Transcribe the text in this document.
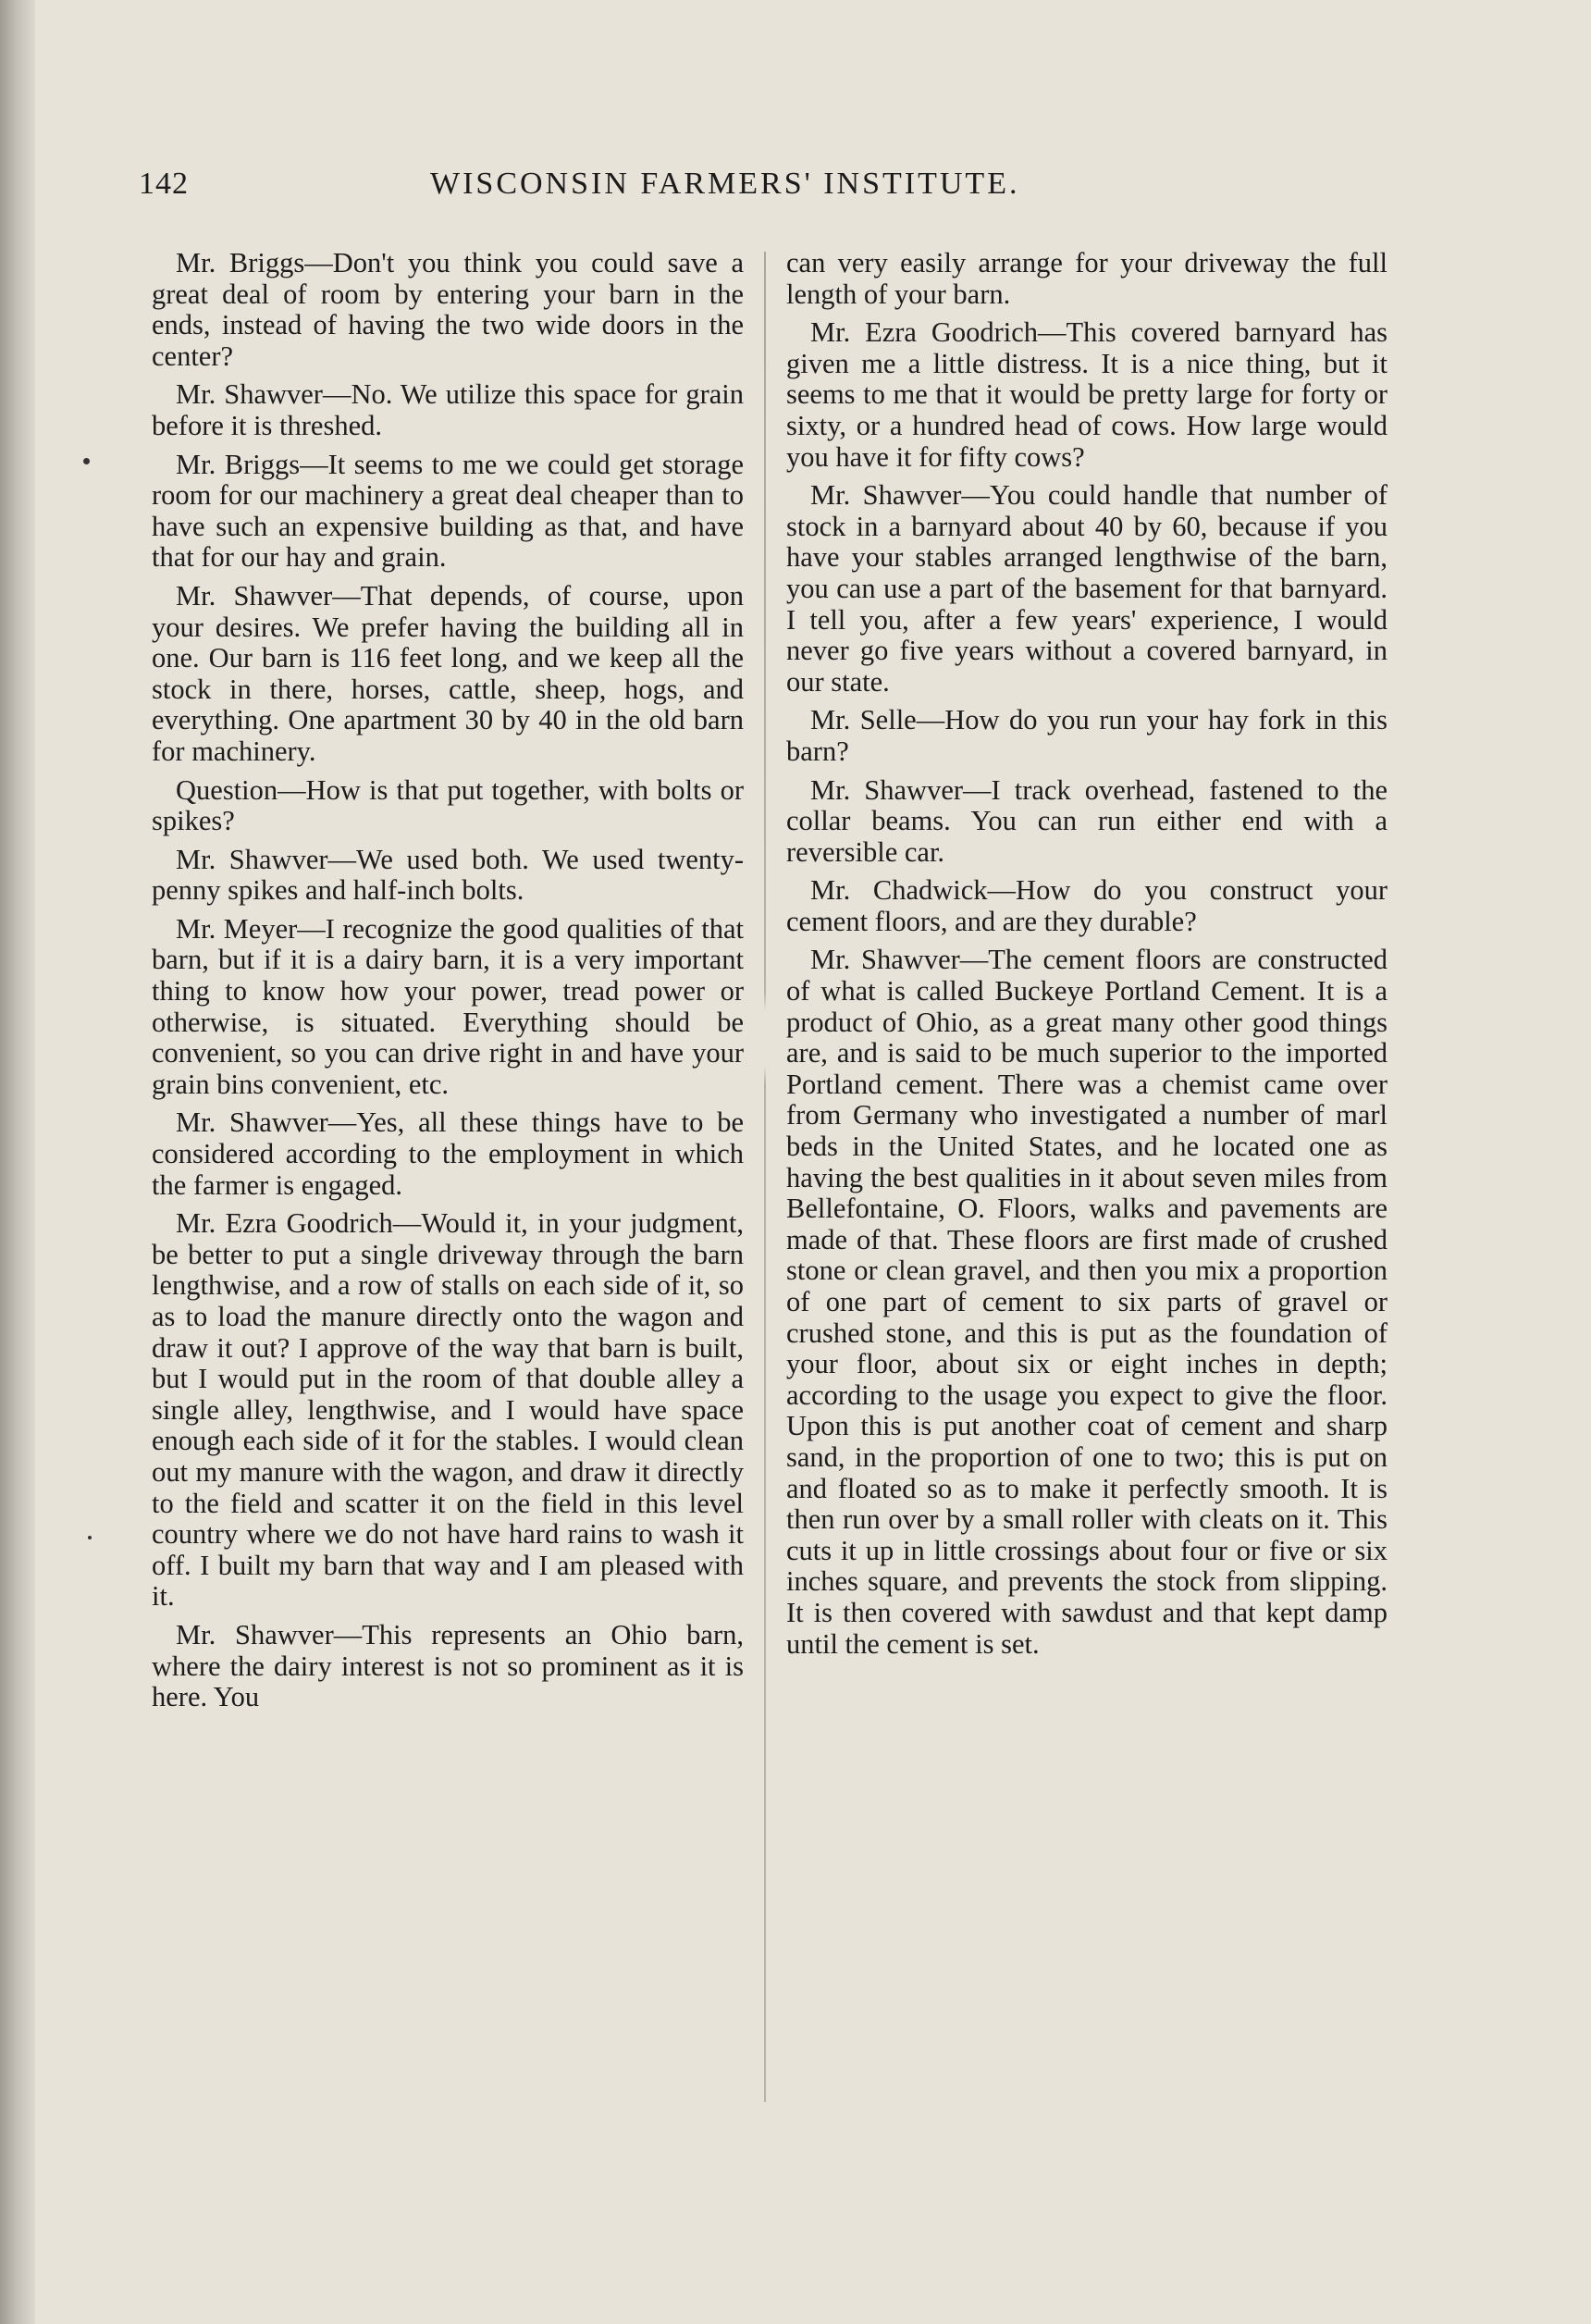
142	WISCONSIN FARMERS' INSTITUTE.

Mr. Briggs—Don't you think you could save a great deal of room by entering your barn in the ends, instead of having the two wide doors in the center?

Mr. Shawver—No. We utilize this space for grain before it is threshed.

Mr. Briggs—It seems to me we could get storage room for our machinery a great deal cheaper than to have such an expensive building as that, and have that for our hay and grain.

Mr. Shawver—That depends, of course, upon your desires. We prefer having the building all in one. Our barn is 116 feet long, and we keep all the stock in there, horses, cattle, sheep, hogs, and everything. One apartment 30 by 40 in the old barn for machinery.

Question—How is that put together, with bolts or spikes?

Mr. Shawver—We used both. We used twenty-penny spikes and half-inch bolts.

Mr. Meyer—I recognize the good qualities of that barn, but if it is a dairy barn, it is a very important thing to know how your power, tread power or otherwise, is situated. Everything should be convenient, so you can drive right in and have your grain bins convenient, etc.

Mr. Shawver—Yes, all these things have to be considered according to the employment in which the farmer is engaged.

Mr. Ezra Goodrich—Would it, in your judgment, be better to put a single driveway through the barn lengthwise, and a row of stalls on each side of it, so as to load the manure directly onto the wagon and draw it out? I approve of the way that barn is built, but I would put in the room of that double alley a single alley, lengthwise, and I would have space enough each side of it for the stables. I would clean out my manure with the wagon, and draw it directly to the field and scatter it on the field in this level country where we do not have hard rains to wash it off. I built my barn that way and I am pleased with it.

Mr. Shawver—This represents an Ohio barn, where the dairy interest is not so prominent as it is here. You

can very easily arrange for your driveway the full length of your barn.

Mr. Ezra Goodrich—This covered barnyard has given me a little distress. It is a nice thing, but it seems to me that it would be pretty large for forty or sixty, or a hundred head of cows. How large would you have it for fifty cows?

Mr. Shawver—You could handle that number of stock in a barnyard about 40 by 60, because if you have your stables arranged lengthwise of the barn, you can use a part of the basement for that barnyard. I tell you, after a few years' experience, I would never go five years without a covered barnyard, in our state.

Mr. Selle—How do you run your hay fork in this barn?

Mr. Shawver—I track overhead, fastened to the collar beams. You can run either end with a reversible car.

Mr. Chadwick—How do you construct your cement floors, and are they durable?

Mr. Shawver—The cement floors are constructed of what is called Buckeye Portland Cement. It is a product of Ohio, as a great many other good things are, and is said to be much superior to the imported Portland cement. There was a chemist came over from Germany who investigated a number of marl beds in the United States, and he located one as having the best qualities in it about seven miles from Bellefontaine, O. Floors, walks and pavements are made of that. These floors are first made of crushed stone or clean gravel, and then you mix a proportion of one part of cement to six parts of gravel or crushed stone, and this is put as the foundation of your floor, about six or eight inches in depth; according to the usage you expect to give the floor. Upon this is put another coat of cement and sharp sand, in the proportion of one to two; this is put on and floated so as to make it perfectly smooth. It is then run over by a small roller with cleats on it. This cuts it up in little crossings about four or five or six inches square, and prevents the stock from slipping. It is then covered with sawdust and that kept damp until the cement is set.
